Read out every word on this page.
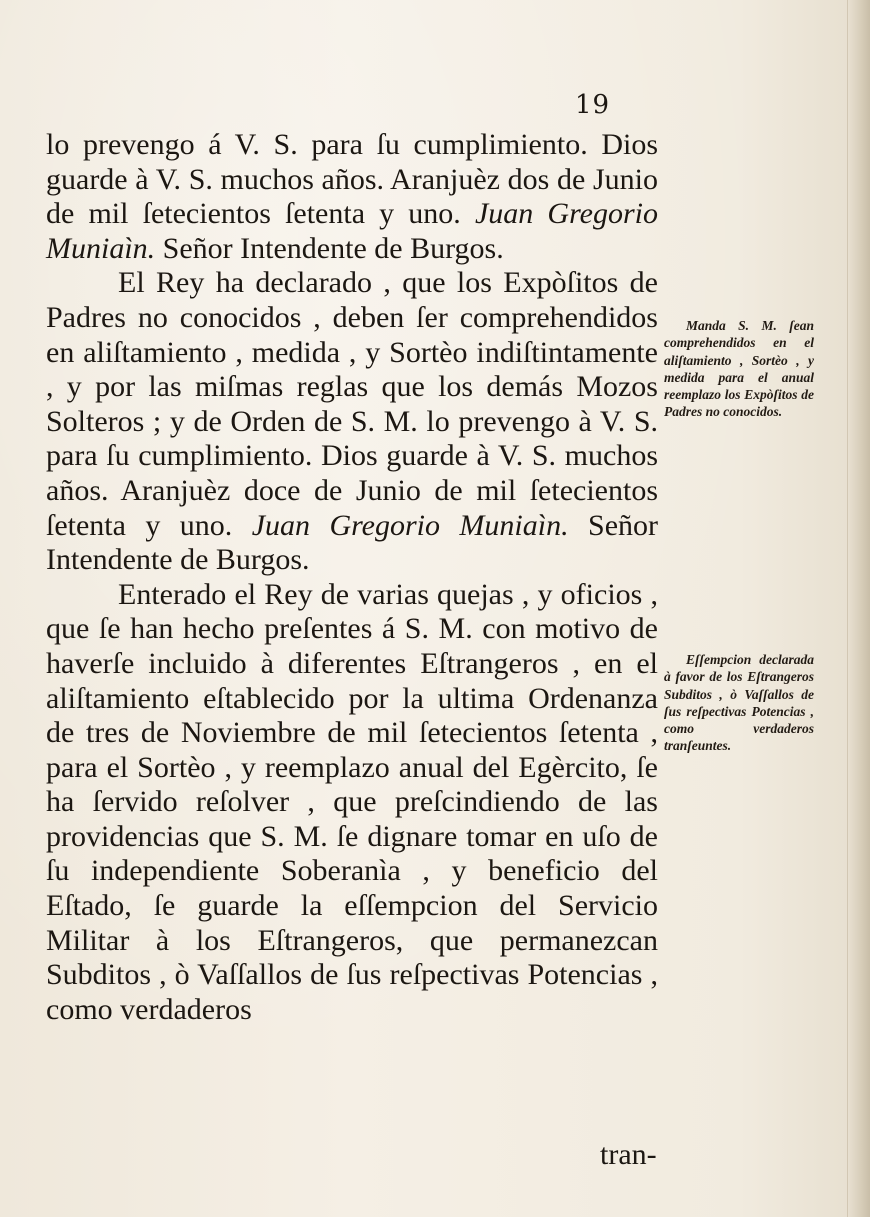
19

lo prevengo á V. S. para ſu cumplimiento. Dios guarde à V. S. muchos años. Aranjuèz dos de Junio de mil ſetecientos ſetenta y uno. Juan Gregorio Muniaìn. Señor Intendente de Burgos.

El Rey ha declarado , que los Expòſitos de Padres no conocidos , deben ſer comprehendidos en aliſtamiento , medida , y Sortèo indiſtintamente , y por las miſmas reglas que los demás Mozos Solteros ; y de Orden de S. M. lo prevengo à V. S. para ſu cumplimiento. Dios guarde à V. S. muchos años. Aranjuèz doce de Junio de mil ſetecientos ſetenta y uno. Juan Gregorio Muniaìn. Señor Intendente de Burgos.

Enterado el Rey de varias quejas , y oficios , que ſe han hecho preſentes á S. M. con motivo de haverſe incluido à diferentes Eſtrangeros , en el aliſtamiento eſtablecido por la ultima Ordenanza de tres de Noviembre de mil ſetecientos ſetenta , para el Sortèo , y reemplazo anual del Egèrcito, ſe ha ſervido reſolver , que preſcindiendo de las providencias que S. M. ſe dignare tomar en uſo de ſu independiente Soberanìa , y beneficio del Eſtado, ſe guarde la eſſempcion del Servicio Militar à los Eſtrangeros, que permanezcan Subditos , ò Vaſſallos de ſus reſpectivas Potencias , como verdaderos

tran-
Manda S. M. ſean comprehendidos en el aliſtamiento , Sortèo , y medida para el anual reemplazo los Expòſitos de Padres no conocidos.
Eſſempcion declarada à favor de los Eſtrangeros Subditos , ò Vaſſallos de ſus reſpectivas Potencias , como verdaderos tranſeuntes.
